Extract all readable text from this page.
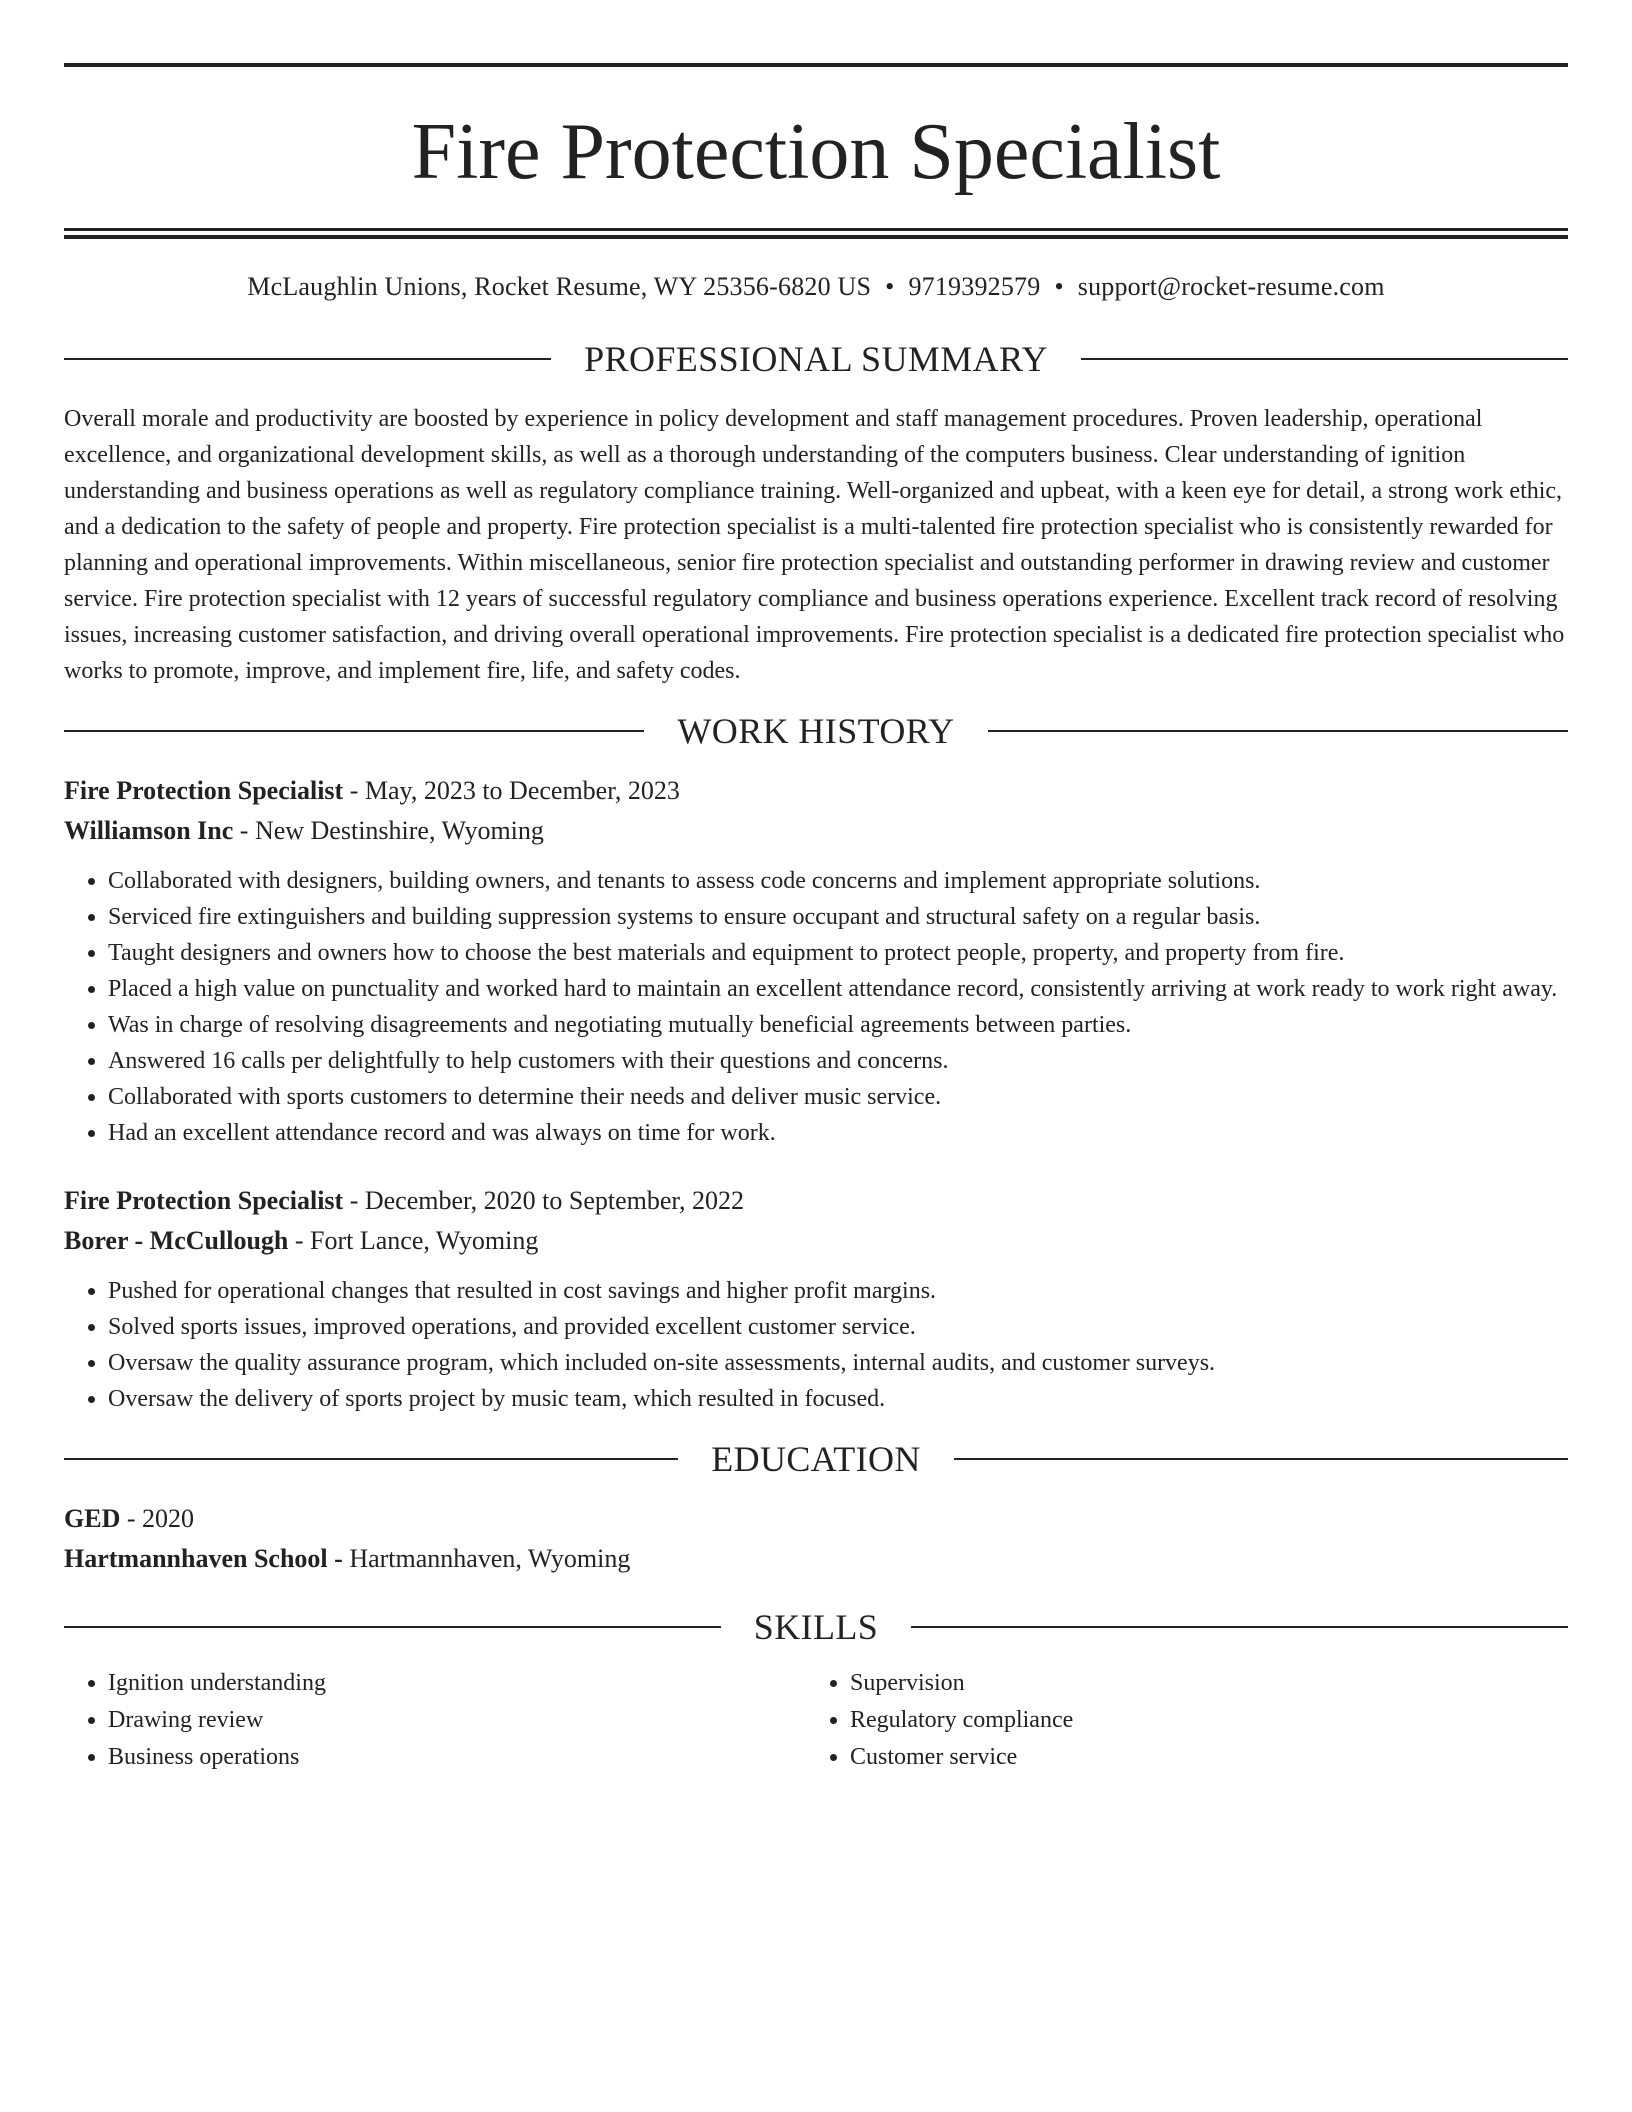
Fire Protection Specialist
McLaughlin Unions, Rocket Resume, WY 25356-6820 US • 9719392579 • support@rocket-resume.com
PROFESSIONAL SUMMARY

Overall morale and productivity are boosted by experience in policy development and staff management procedures. Proven leadership, operational excellence, and organizational development skills, as well as a thorough understanding of the computers business. Clear understanding of ignition understanding and business operations as well as regulatory compliance training. Well-organized and upbeat, with a keen eye for detail, a strong work ethic, and a dedication to the safety of people and property. Fire protection specialist is a multi-talented fire protection specialist who is consistently rewarded for planning and operational improvements. Within miscellaneous, senior fire protection specialist and outstanding performer in drawing review and customer service. Fire protection specialist with 12 years of successful regulatory compliance and business operations experience. Excellent track record of resolving issues, increasing customer satisfaction, and driving overall operational improvements. Fire protection specialist is a dedicated fire protection specialist who works to promote, improve, and implement fire, life, and safety codes.

WORK HISTORY
Fire Protection Specialist - May, 2023 to December, 2023
Williamson Inc - New Destinshire, Wyoming
• Collaborated with designers, building owners, and tenants to assess code concerns and implement appropriate solutions.
• Serviced fire extinguishers and building suppression systems to ensure occupant and structural safety on a regular basis.
• Taught designers and owners how to choose the best materials and equipment to protect people, property, and property from fire.
• Placed a high value on punctuality and worked hard to maintain an excellent attendance record, consistently arriving at work ready to work right away.
• Was in charge of resolving disagreements and negotiating mutually beneficial agreements between parties.
• Answered 16 calls per delightfully to help customers with their questions and concerns.
• Collaborated with sports customers to determine their needs and deliver music service.
• Had an excellent attendance record and was always on time for work.
Fire Protection Specialist - December, 2020 to September, 2022
Borer - McCullough - Fort Lance, Wyoming
• Pushed for operational changes that resulted in cost savings and higher profit margins.
• Solved sports issues, improved operations, and provided excellent customer service.
• Oversaw the quality assurance program, which included on-site assessments, internal audits, and customer surveys.
• Oversaw the delivery of sports project by music team, which resulted in focused.
EDUCATION
GED - 2020
Hartmannhaven School - Hartmannhaven, Wyoming
SKILLS
• Ignition understanding
• Drawing review
• Business operations
• Supervision
• Regulatory compliance
• Customer service
